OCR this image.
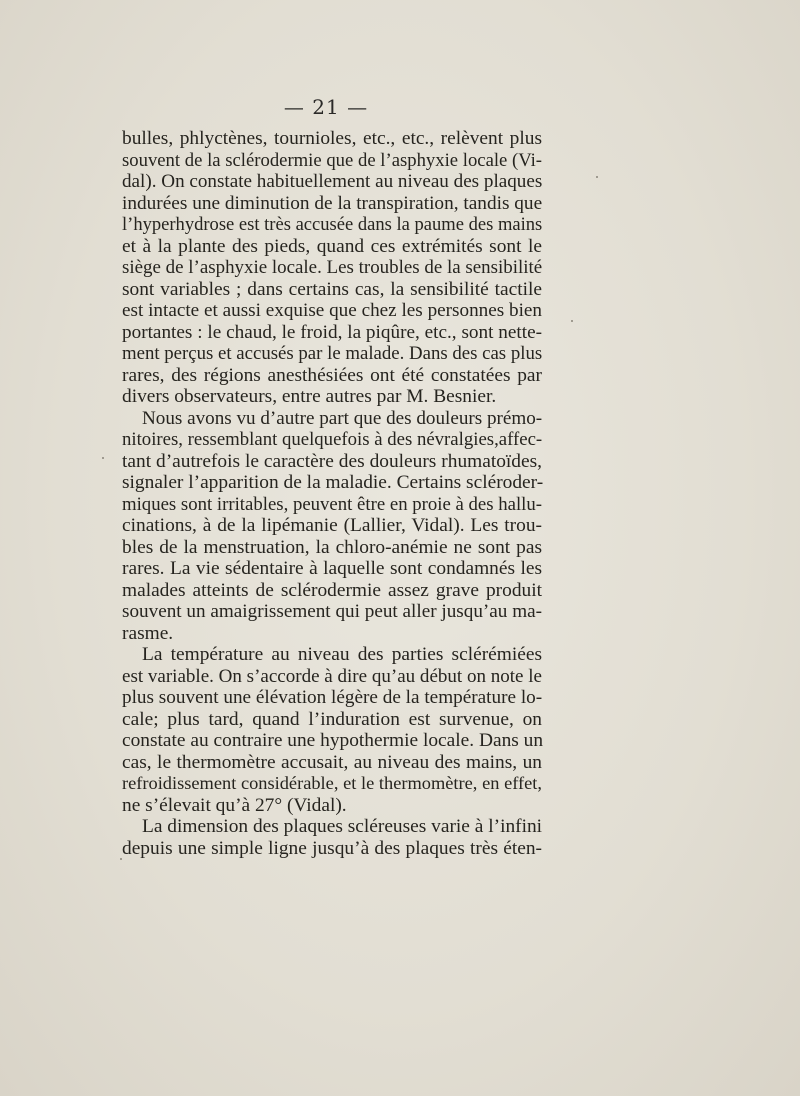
— 21 —
bulles, phlyctènes, tournioles, etc., etc., relèvent plus
souvent de la sclérodermie que de l’asphyxie locale (Vi-
dal). On constate habituellement au niveau des plaques
indurées une diminution de la transpiration, tandis que
l’hyperhydrose est très accusée dans la paume des mains
et à la plante des pieds, quand ces extrémités sont le
siège de l’asphyxie locale. Les troubles de la sensibilité
sont variables ; dans certains cas, la sensibilité tactile
est intacte et aussi exquise que chez les personnes bien
portantes : le chaud, le froid, la piqûre, etc., sont nette-
ment perçus et accusés par le malade. Dans des cas plus
rares, des régions anesthésiées ont été constatées par
divers observateurs, entre autres par M. Besnier.
Nous avons vu d’autre part que des douleurs prémo-
nitoires, ressemblant quelquefois à des névralgies,affec-
tant d’autrefois le caractère des douleurs rhumatoïdes,
signaler l’apparition de la maladie. Certains scléroder-
miques sont irritables, peuvent être en proie à des hallu-
cinations, à de la lipémanie (Lallier, Vidal). Les trou-
bles de la menstruation, la chloro-anémie ne sont pas
rares. La vie sédentaire à laquelle sont condamnés les
malades atteints de sclérodermie assez grave produit
souvent un amaigrissement qui peut aller jusqu’au ma-
rasme.
La température au niveau des parties sclérémiées
est variable. On s’accorde à dire qu’au début on note le
plus souvent une élévation légère de la température lo-
cale; plus tard, quand l’induration est survenue, on
constate au contraire une hypothermie locale. Dans un
cas, le thermomètre accusait, au niveau des mains, un
refroidissement considérable, et le thermomètre, en effet,
ne s’élevait qu’à 27° (Vidal).
La dimension des plaques scléreuses varie à l’infini
depuis une simple ligne jusqu’à des plaques très éten-
